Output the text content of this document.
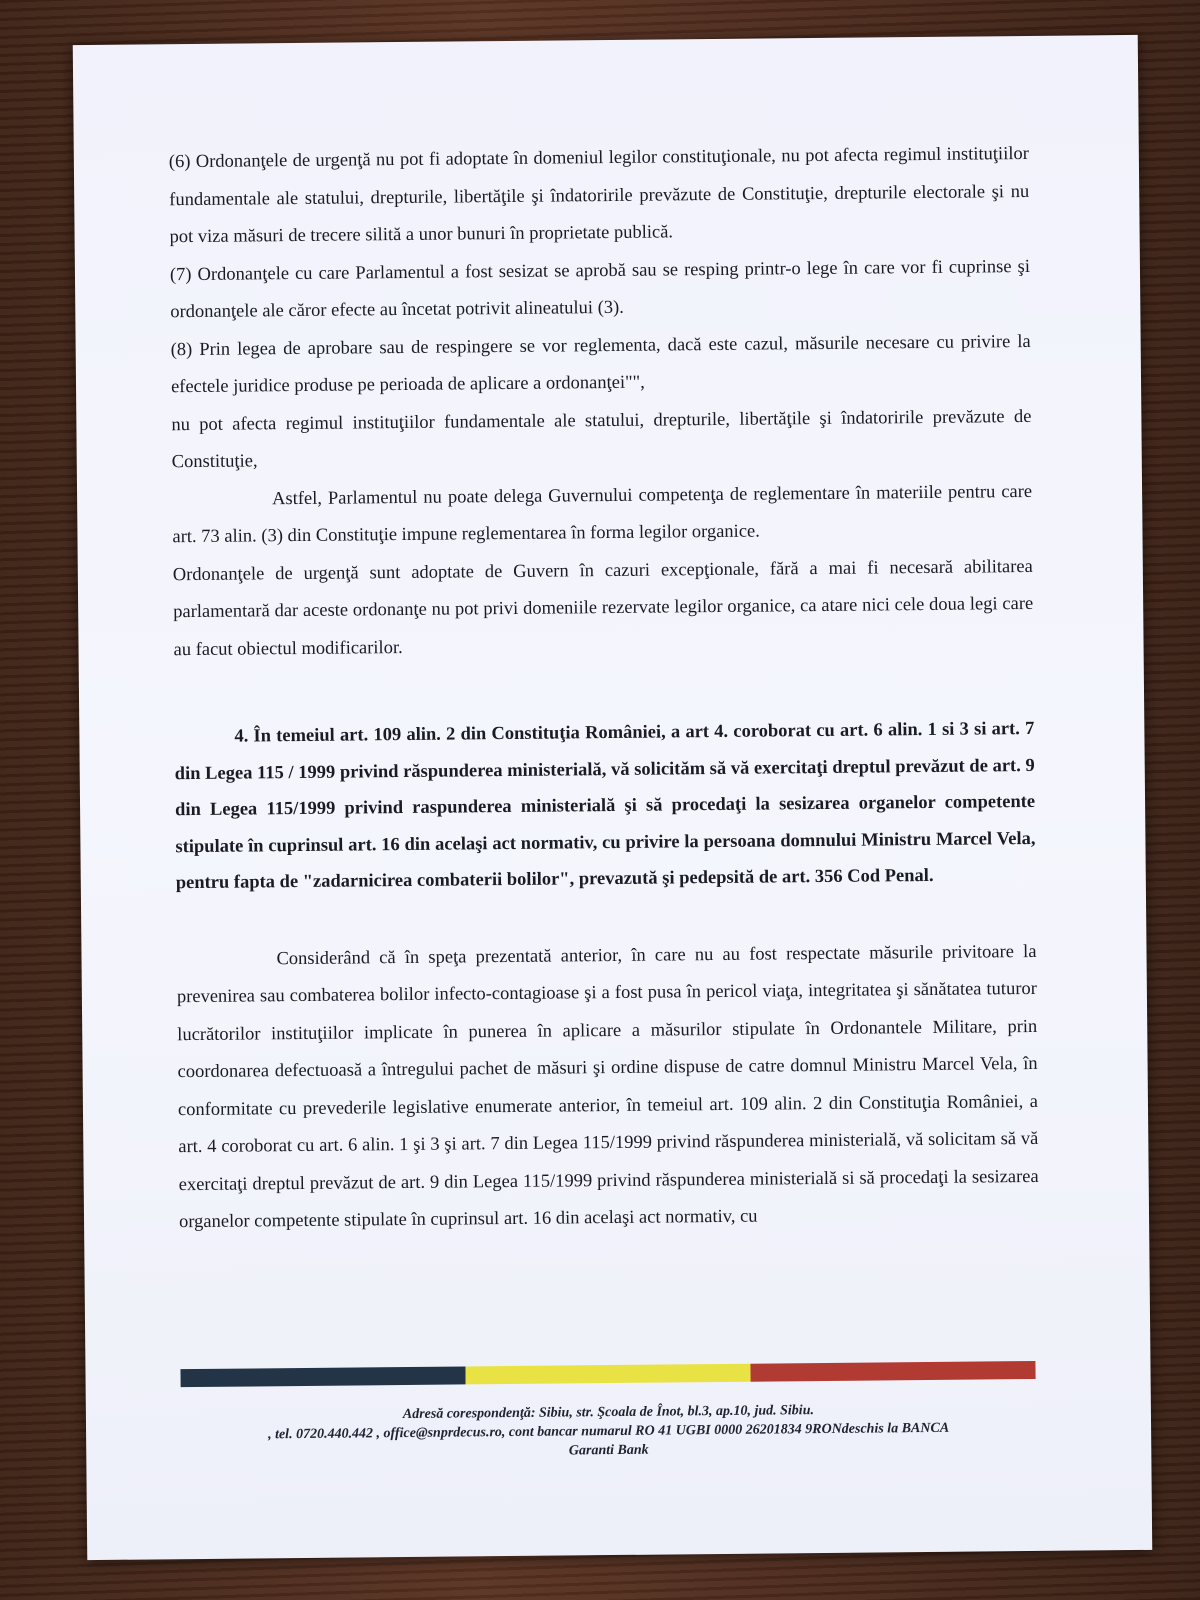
(6) Ordonanţele de urgenţă nu pot fi adoptate în domeniul legilor constituţionale, nu pot afecta regimul instituţiilor fundamentale ale statului, drepturile, libertăţile şi îndatoririle prevăzute de Constituţie, drepturile electorale şi nu pot viza măsuri de trecere silită a unor bunuri în proprietate publică.

(7) Ordonanţele cu care Parlamentul a fost sesizat se aprobă sau se resping printr-o lege în care vor fi cuprinse şi ordonanţele ale căror efecte au încetat potrivit alineatului (3).

(8) Prin legea de aprobare sau de respingere se vor reglementa, dacă este cazul, măsurile necesare cu privire la efectele juridice produse pe perioada de aplicare a ordonanţei"",

nu pot afecta regimul instituţiilor fundamentale ale statului, drepturile, libertăţile şi îndatoririle prevăzute de Constituţie,

Astfel, Parlamentul nu poate delega Guvernului competenţa de reglementare în materiile pentru care art. 73 alin. (3) din Constituţie impune reglementarea în forma legilor organice.

Ordonanţele de urgenţă sunt adoptate de Guvern în cazuri excepţionale, fără a mai fi necesară abilitarea parlamentară dar aceste ordonanţe nu pot privi domeniile rezervate legilor organice, ca atare nici cele doua legi care au facut obiectul modificarilor.

4. În temeiul art. 109 alin. 2 din Constituţia României, a art 4. coroborat cu art. 6 alin. 1 si 3 si art. 7 din Legea 115 / 1999 privind răspunderea ministerială, vă solicităm să vă exercitaţi dreptul prevăzut de art. 9 din Legea 115/1999 privind raspunderea ministerială şi să procedaţi la sesizarea organelor competente stipulate în cuprinsul art. 16 din acelaşi act normativ, cu privire la persoana domnului Ministru Marcel Vela, pentru fapta de "zadarnicirea combaterii bolilor", prevazută şi pedepsită de art. 356 Cod Penal.

Considerând că în speţa prezentată anterior, în care nu au fost respectate măsurile privitoare la prevenirea sau combaterea bolilor infecto-contagioase şi a fost pusa în pericol viaţa, integritatea şi sănătatea tuturor lucrătorilor instituţiilor implicate în punerea în aplicare a măsurilor stipulate în Ordonantele Militare, prin coordonarea defectuoasă a întregului pachet de măsuri şi ordine dispuse de catre domnul Ministru Marcel Vela, în conformitate cu prevederile legislative enumerate anterior, în temeiul art. 109 alin. 2 din Constituţia României, a art. 4 coroborat cu art. 6 alin. 1 şi 3 şi art. 7 din Legea 115/1999 privind răspunderea ministerială, vă solicitam să vă exercitaţi dreptul prevăzut de art. 9 din Legea 115/1999 privind răspunderea ministerială si să procedaţi la sesizarea organelor competente stipulate în cuprinsul art. 16 din acelaşi act normativ, cu

Adresă corespondenţă: Sibiu, str. Şcoala de Înot, bl.3, ap.10, jud. Sibiu.
, tel. 0720.440.442 , office@snprdecus.ro, cont bancar numarul RO 41 UGBI 0000 26201834 9RONdeschis la BANCA
Garanti Bank
